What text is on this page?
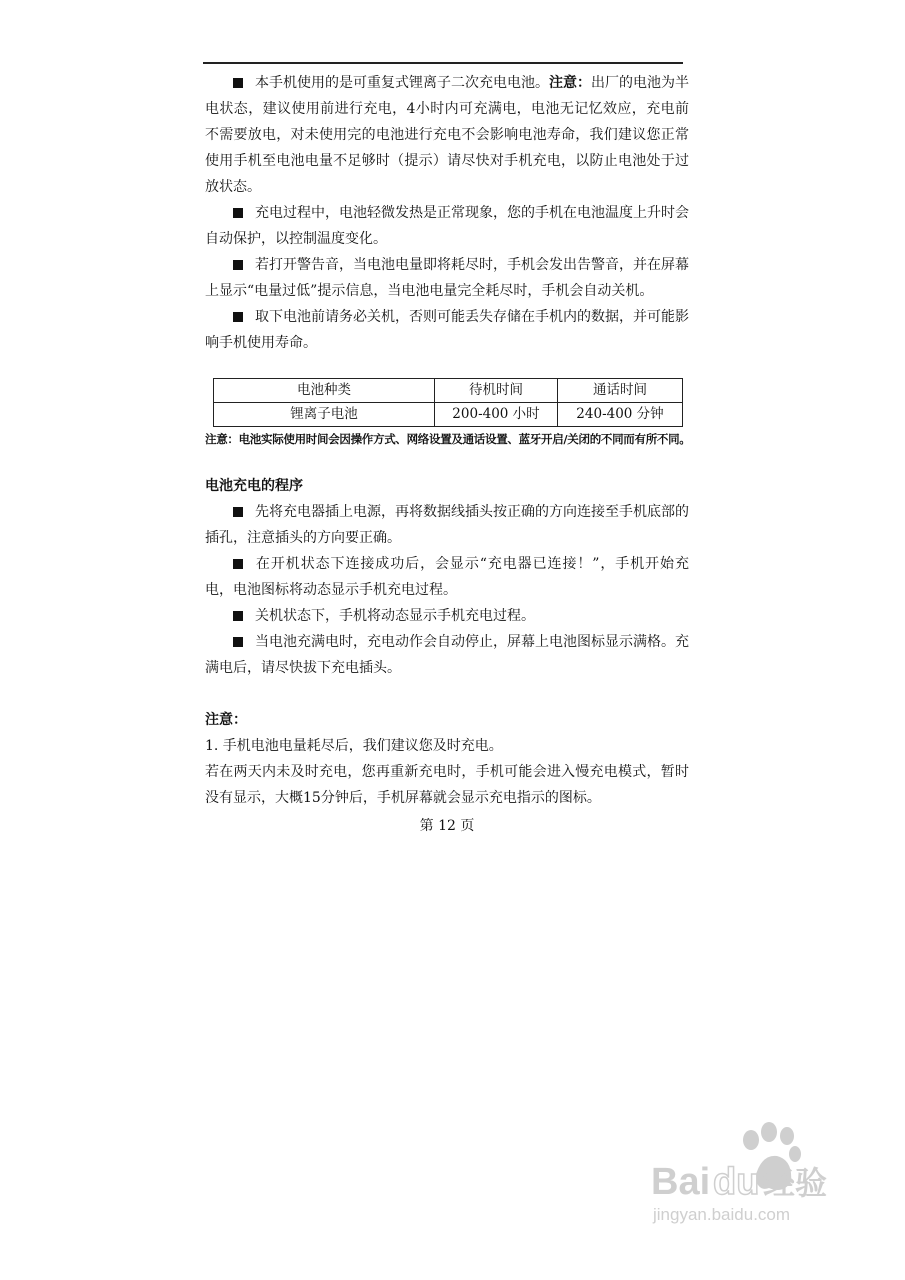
本手机使用的是可重复式锂离子二次充电电池。注意：出厂的电池为半电状态，建议使用前进行充电，4小时内可充满电，电池无记忆效应，充电前不需要放电，对未使用完的电池进行充电不会影响电池寿命，我们建议您正常使用手机至电池电量不足够时（提示）请尽快对手机充电，以防止电池处于过放状态。

充电过程中，电池轻微发热是正常现象，您的手机在电池温度上升时会自动保护，以控制温度变化。

若打开警告音，当电池电量即将耗尽时，手机会发出告警音，并在屏幕上显示“电量过低”提示信息，当电池电量完全耗尽时，手机会自动关机。

取下电池前请务必关机，否则可能丢失存储在手机内的数据，并可能影响手机使用寿命。

电池种类	待机时间	通话时间
锂离子电池	200-400 小时	240-400 分钟

注意：电池实际使用时间会因操作方式、网络设置及通话设置、蓝牙开启/关闭的不同而有所不同。

电池充电的程序

先将充电器插上电源，再将数据线插头按正确的方向连接至手机底部的插孔，注意插头的方向要正确。

在开机状态下连接成功后，会显示“充电器已连接！”，手机开始充电，电池图标将动态显示手机充电过程。

关机状态下，手机将动态显示手机充电过程。

当电池充满电时，充电动作会自动停止，屏幕上电池图标显示满格。充满电后，请尽快拔下充电插头。

注意：

1. 手机电池电量耗尽后，我们建议您及时充电。

若在两天内未及时充电，您再重新充电时，手机可能会进入慢充电模式，暂时没有显示，大概15分钟后，手机屏幕就会显示充电指示的图标。

第 12 页

Bai du 经验
jingyan.baidu.com
